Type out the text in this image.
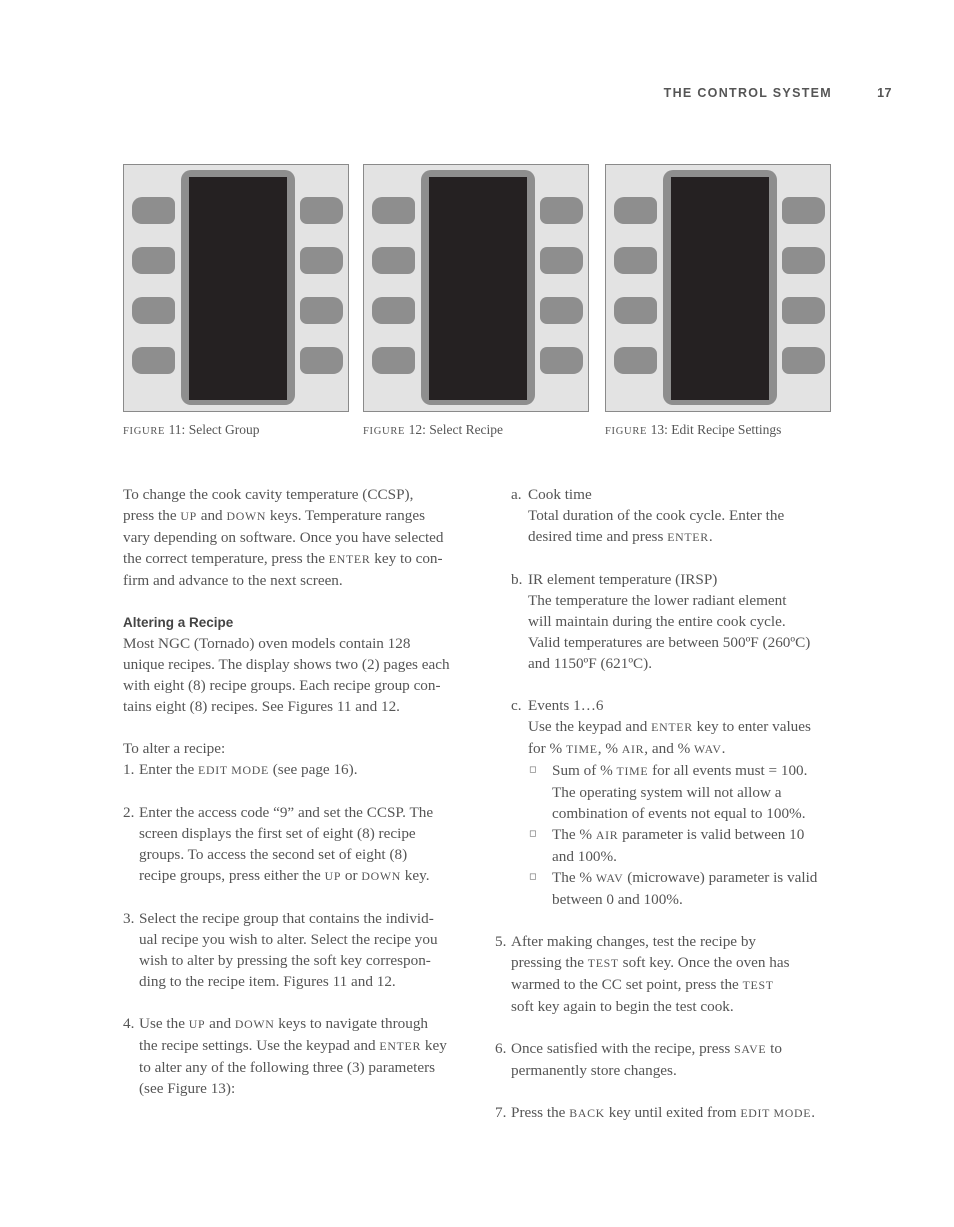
THE CONTROL SYSTEM	17
FIGURE 11: Select Group	FIGURE 12: Select Recipe	FIGURE 13: Edit Recipe Settings

To change the cook cavity temperature (CCSP),
press the UP and DOWN keys. Temperature ranges
vary depending on software. Once you have selected
the correct temperature, press the ENTER key to con-
firm and advance to the next screen.

Altering a Recipe

Most NGC (Tornado) oven models contain 128
unique recipes. The display shows two (2) pages each
with eight (8) recipe groups. Each recipe group con-
tains eight (8) recipes. See Figures 11 and 12.

To alter a recipe:

1. Enter the EDIT MODE (see page 16).
2. Enter the access code “9” and set the CCSP. The
screen displays the first set of eight (8) recipe
groups. To access the second set of eight (8)
recipe groups, press either the UP or DOWN key.
3. Select the recipe group that contains the individ-
ual recipe you wish to alter. Select the recipe you
wish to alter by pressing the soft key correspon-
ding to the recipe item. Figures 11 and 12.
4. Use the UP and DOWN keys to navigate through
the recipe settings. Use the keypad and ENTER key
to alter any of the following three (3) parameters
(see Figure 13):
a. Cook time
Total duration of the cook cycle. Enter the
desired time and press ENTER.
b. IR element temperature (IRSP)
The temperature the lower radiant element
will maintain during the entire cook cycle.
Valid temperatures are between 500ºF (260ºC)
and 1150ºF (621ºC).
c. Events 1…6
Use the keypad and ENTER key to enter values
for % TIME, % AIR, and % WAV.
◻	Sum of % TIME for all events must = 100.
The operating system will not allow a
combination of events not equal to 100%.
◻	The % AIR parameter is valid between 10
and 100%.
◻	The % WAV (microwave) parameter is valid
between 0 and 100%.
5. After making changes, test the recipe by
pressing the TEST soft key. Once the oven has
warmed to the CC set point, press the TEST
soft key again to begin the test cook.
6. Once satisfied with the recipe, press SAVE to
permanently store changes.
7. Press the BACK key until exited from EDIT MODE.
